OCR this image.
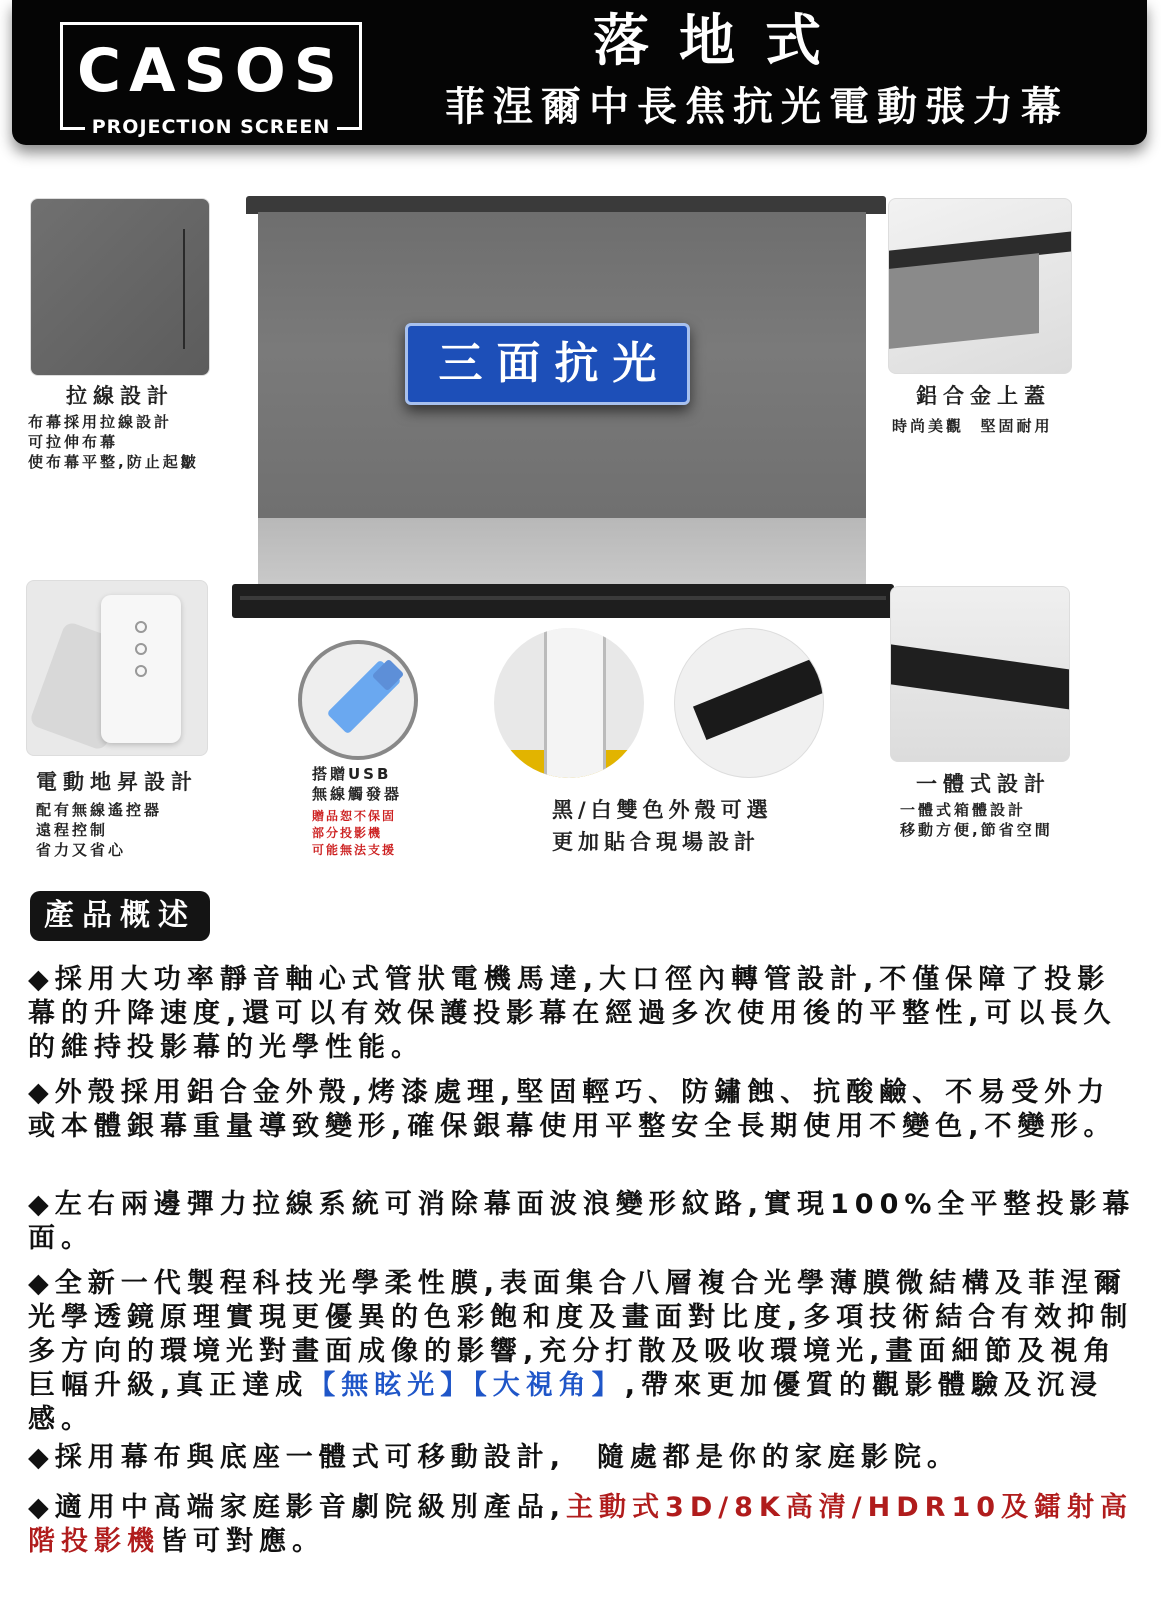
CASOS
PROJECTION SCREEN
落地式
菲涅爾中長焦抗光電動張力幕
三面抗光
拉線設計
布幕採用拉線設計
可拉伸布幕
使布幕平整,防止起皺
鋁合金上蓋
時尚美觀  堅固耐用
電動地昇設計
配有無線遙控器
遠程控制
省力又省心
搭贈USB
無線觸發器
贈品恕不保固
部分投影機
可能無法支援
黑/白雙色外殼可選
更加貼合現場設計
一體式設計
一體式箱體設計
移動方便,節省空間
產品概述
◆採用大功率靜音軸心式管狀電機馬達,大口徑內轉管設計,不僅保障了投影幕的升降速度,還可以有效保護投影幕在經過多次使用後的平整性,可以長久的維持投影幕的光學性能。
◆外殼採用鋁合金外殼,烤漆處理,堅固輕巧、防鏽蝕、抗酸鹼、不易受外力或本體銀幕重量導致變形,確保銀幕使用平整安全長期使用不變色,不變形。
◆左右兩邊彈力拉線系統可消除幕面波浪變形紋路,實現100%全平整投影幕面。
◆全新一代製程科技光學柔性膜,表面集合八層複合光學薄膜微結構及菲涅爾光學透鏡原理實現更優異的色彩飽和度及畫面對比度,多項技術結合有效抑制多方向的環境光對畫面成像的影響,充分打散及吸收環境光,畫面細節及視角巨幅升級,真正達成【無眩光】【大視角】,帶來更加優質的觀影體驗及沉浸感。
◆採用幕布與底座一體式可移動設計,  隨處都是你的家庭影院。
◆適用中高端家庭影音劇院級別產品,主動式3D/8K高清/HDR10及鐳射高階投影機皆可對應。
